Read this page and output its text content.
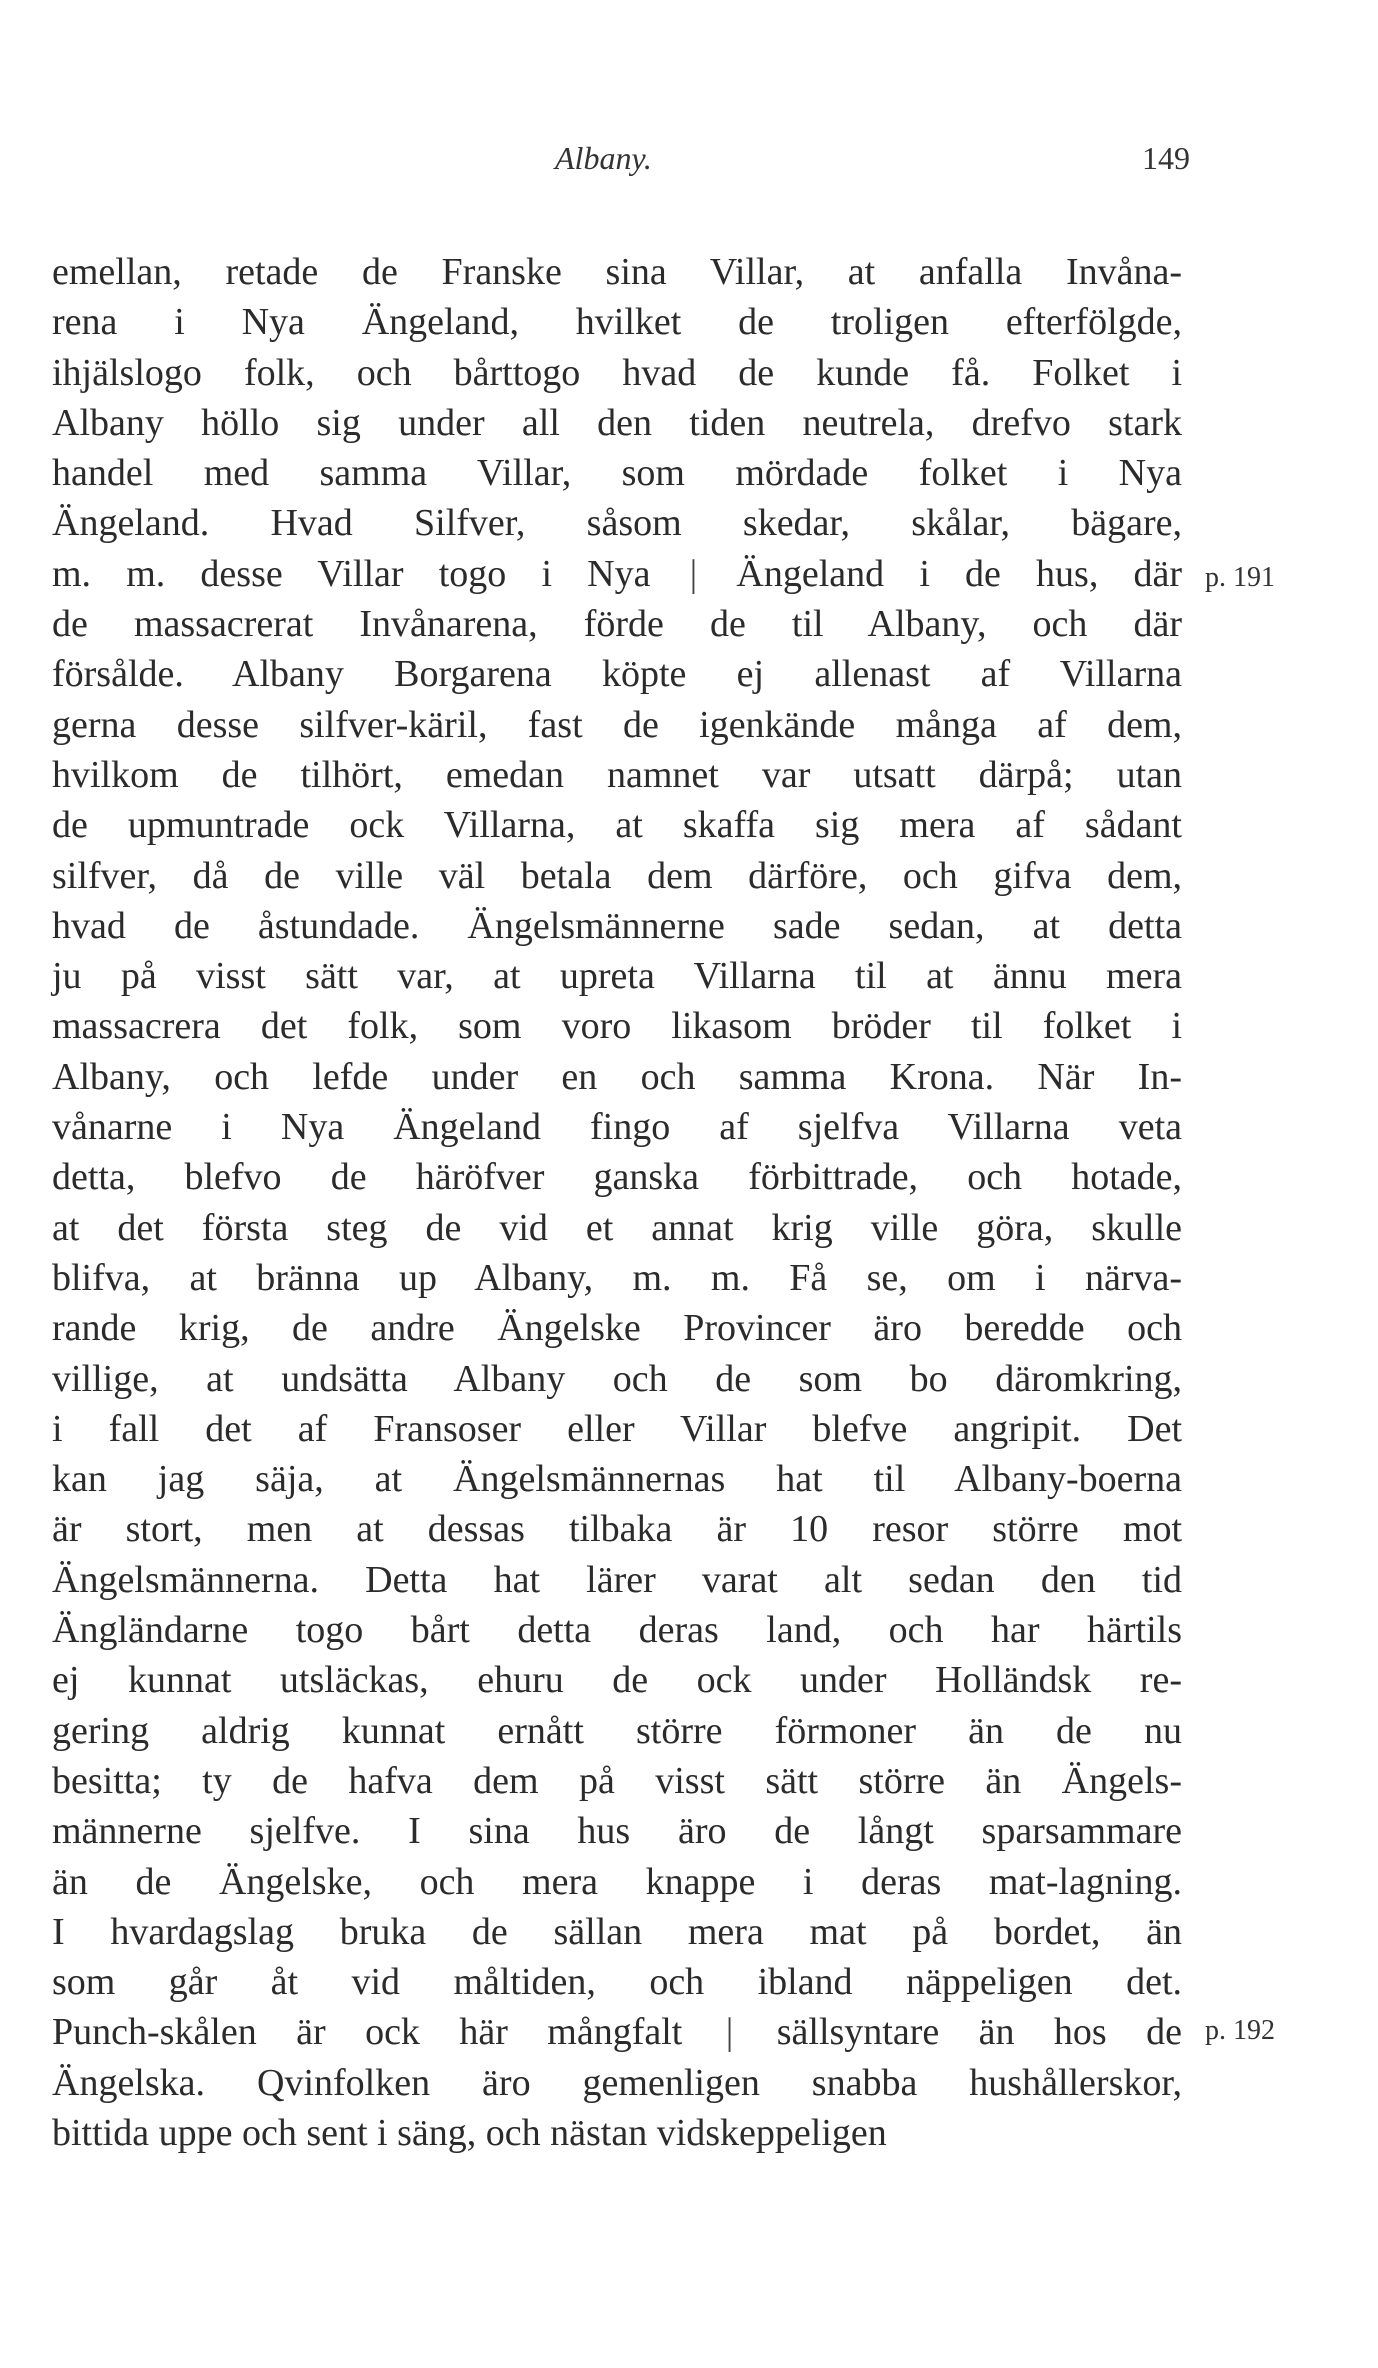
Albany.	149
emellan, retade de Franske sina Villar, at anfalla Invåna-
rena i Nya Ängeland, hvilket de troligen efterfölgde,
ihjälslogo folk, och bårttogo hvad de kunde få. Folket i
Albany höllo sig under all den tiden neutrela, drefvo stark
handel med samma Villar, som mördade folket i Nya
Ängeland. Hvad Silfver, såsom skedar, skålar, bägare,
m. m. desse Villar togo i Nya | Ängeland i de hus, där
de massacrerat Invånarena, förde de til Albany, och där
försålde. Albany Borgarena köpte ej allenast af Villarna
gerna desse silfver-käril, fast de igenkände många af dem,
hvilkom de tilhört, emedan namnet var utsatt därpå; utan
de upmuntrade ock Villarna, at skaffa sig mera af sådant
silfver, då de ville väl betala dem därföre, och gifva dem,
hvad de åstundade. Ängelsmännerne sade sedan, at detta
ju på visst sätt var, at upreta Villarna til at ännu mera
massacrera det folk, som voro likasom bröder til folket i
Albany, och lefde under en och samma Krona. När In-
vånarne i Nya Ängeland fingo af sjelfva Villarna veta
detta, blefvo de häröfver ganska förbittrade, och hotade,
at det första steg de vid et annat krig ville göra, skulle
blifva, at bränna up Albany, m. m. Få se, om i närva-
rande krig, de andre Ängelske Provincer äro beredde och
villige, at undsätta Albany och de som bo däromkring,
i fall det af Fransoser eller Villar blefve angripit. Det
kan jag säja, at Ängelsmännernas hat til Albany-boerna
är stort, men at dessas tilbaka är 10 resor större mot
Ängelsmännerna. Detta hat lärer varat alt sedan den tid
Ängländarne togo bårt detta deras land, och har härtils
ej kunnat utsläckas, ehuru de ock under Holländsk re-
gering aldrig kunnat ernått större förmoner än de nu
besitta; ty de hafva dem på visst sätt större än Ängels-
männerne sjelfve. I sina hus äro de långt sparsammare
än de Ängelske, och mera knappe i deras mat-lagning.
I hvardagslag bruka de sällan mera mat på bordet, än
som går åt vid måltiden, och ibland näppeligen det.
Punch-skålen är ock här mångfalt | sällsyntare än hos de
Ängelska. Qvinfolken äro gemenligen snabba hushållerskor,
bittida uppe och sent i säng, och nästan vidskeppeligen
p. 191
p. 192
